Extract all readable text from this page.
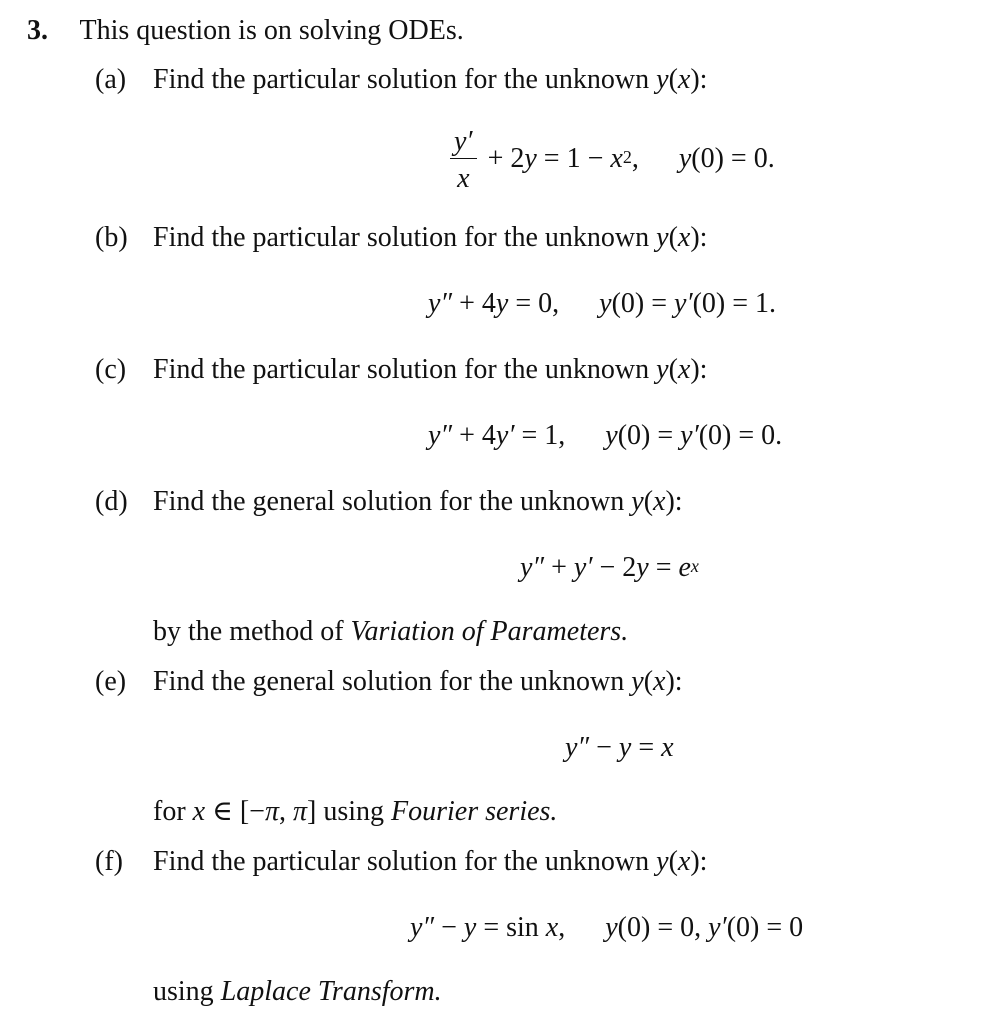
3. This question is on solving ODEs.
(a) Find the particular solution for the unknown y(x):
$\frac{y'}{x} + 2y = 1 - x^2$, y(0) = 0.
(b) Find the particular solution for the unknown y(x):
y″ + 4y = 0, y(0) = y′(0) = 1.
(c) Find the particular solution for the unknown y(x):
y″ + 4y′ = 1, y(0) = y′(0) = 0.
(d) Find the general solution for the unknown y(x):
$y'' + y' - 2y = e^x$
by the method of Variation of Parameters.
(e) Find the general solution for the unknown y(x):
y″ − y = x
for x ∈ [−π, π] using Fourier series.
(f) Find the particular solution for the unknown y(x):
y″ − y = sin x, y(0) = 0, y′(0) = 0
using Laplace Transform.
